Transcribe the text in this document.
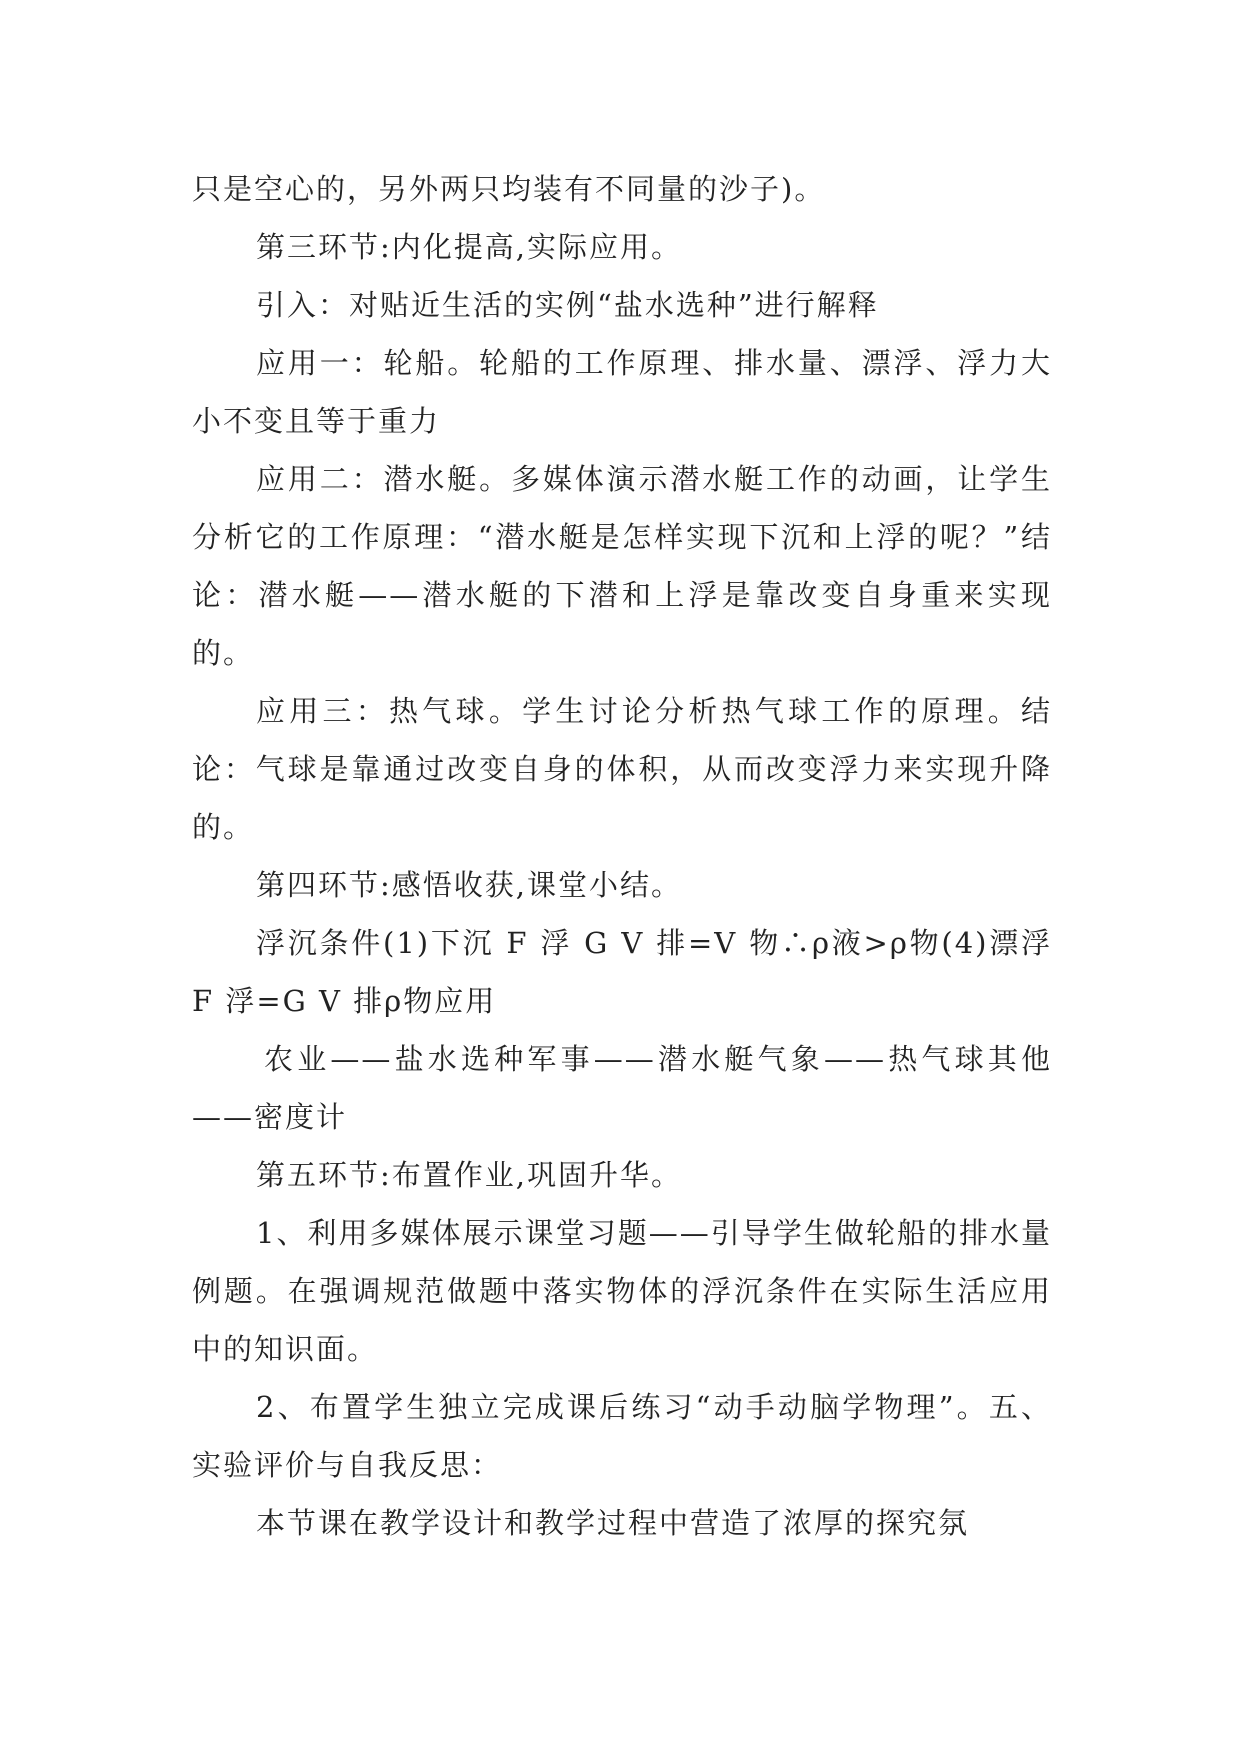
只是空心的，另外两只均装有不同量的沙子)。

第三环节:内化提高,实际应用。

引入：对贴近生活的实例“盐水选种”进行解释

应用一：轮船。轮船的工作原理、排水量、漂浮、浮力大小不变且等于重力

应用二：潜水艇。多媒体演示潜水艇工作的动画，让学生分析它的工作原理：“潜水艇是怎样实现下沉和上浮的呢？”结论：潜水艇——潜水艇的下潜和上浮是靠改变自身重来实现的。

应用三：热气球。学生讨论分析热气球工作的原理。结论：气球是靠通过改变自身的体积，从而改变浮力来实现升降的。

第四环节:感悟收获,课堂小结。

浮沉条件(1)下沉 F 浮 G V 排=V 物∴ρ液>ρ物(4)漂浮 F 浮=G V 排ρ物应用

农业——盐水选种军事——潜水艇气象——热气球其他——密度计

第五环节:布置作业,巩固升华。

1、利用多媒体展示课堂习题——引导学生做轮船的排水量例题。在强调规范做题中落实物体的浮沉条件在实际生活应用中的知识面。

2、布置学生独立完成课后练习“动手动脑学物理”。五、实验评价与自我反思：

本节课在教学设计和教学过程中营造了浓厚的探究氛
